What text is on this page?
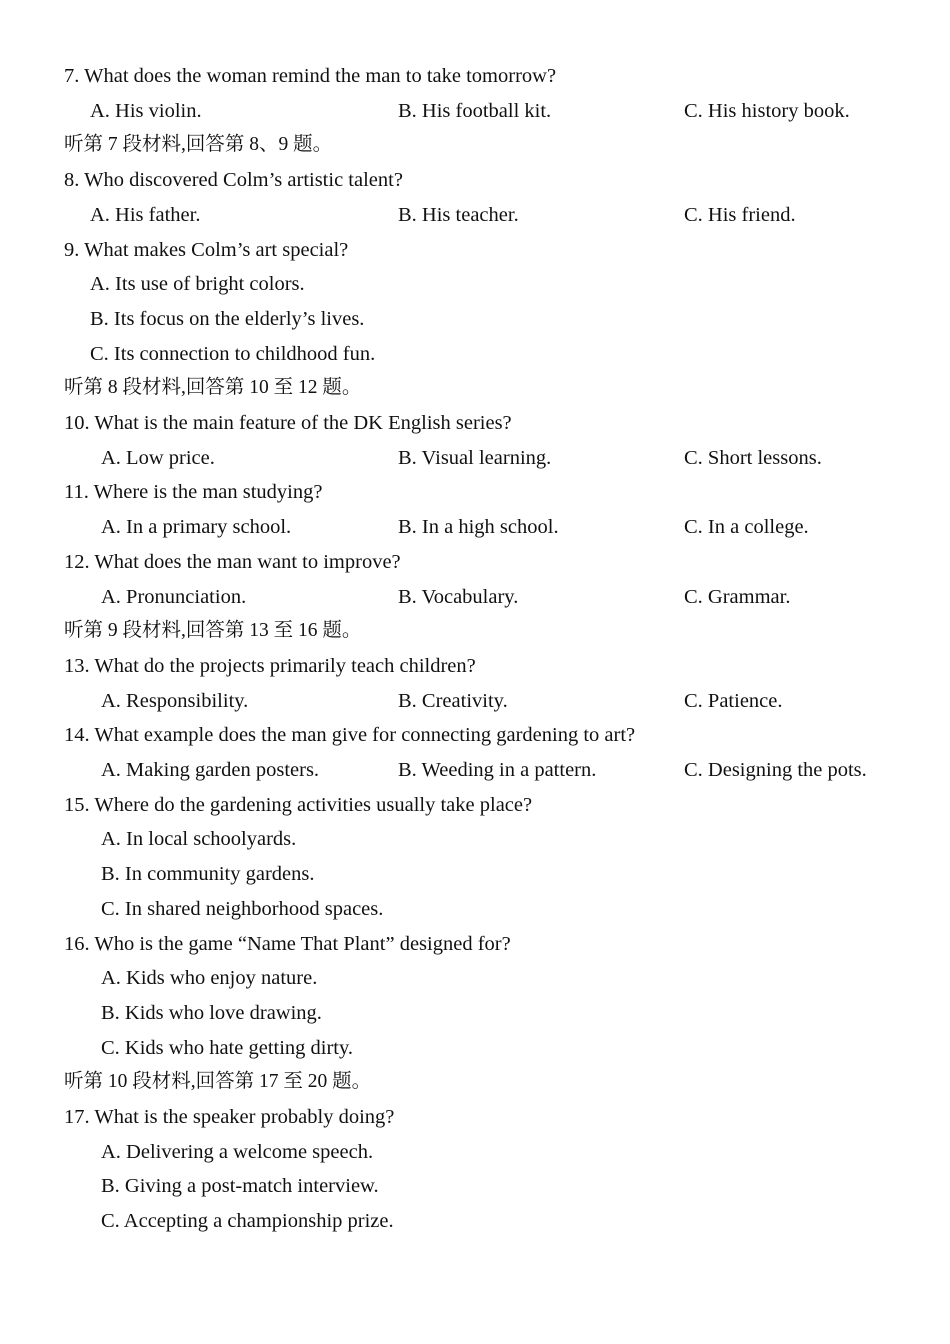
7. What does the woman remind the man to take tomorrow?
A. His violin.	B. His football kit.	C. His history book.
听第 7 段材料,回答第 8、9 题。
8. Who discovered Colm’s artistic talent?
A. His father.	B. His teacher.	C. His friend.
9. What makes Colm’s art special?
A. Its use of bright colors.
B. Its focus on the elderly’s lives.
C. Its connection to childhood fun.
听第 8 段材料,回答第 10 至 12 题。
10. What is the main feature of the DK English series?
A. Low price.	B. Visual learning.	C. Short lessons.
11. Where is the man studying?
A. In a primary school.	B. In a high school.	C. In a college.
12. What does the man want to improve?
A. Pronunciation.	B. Vocabulary.	C. Grammar.
听第 9 段材料,回答第 13 至 16 题。
13. What do the projects primarily teach children?
A. Responsibility.	B. Creativity.	C. Patience.
14. What example does the man give for connecting gardening to art?
A. Making garden posters.	B. Weeding in a pattern.	C. Designing the pots.
15. Where do the gardening activities usually take place?
A. In local schoolyards.
B. In community gardens.
C. In shared neighborhood spaces.
16. Who is the game “Name That Plant” designed for?
A. Kids who enjoy nature.
B. Kids who love drawing.
C. Kids who hate getting dirty.
听第 10 段材料,回答第 17 至 20 题。
17. What is the speaker probably doing?
A. Delivering a welcome speech.
B. Giving a post-match interview.
C. Accepting a championship prize.
